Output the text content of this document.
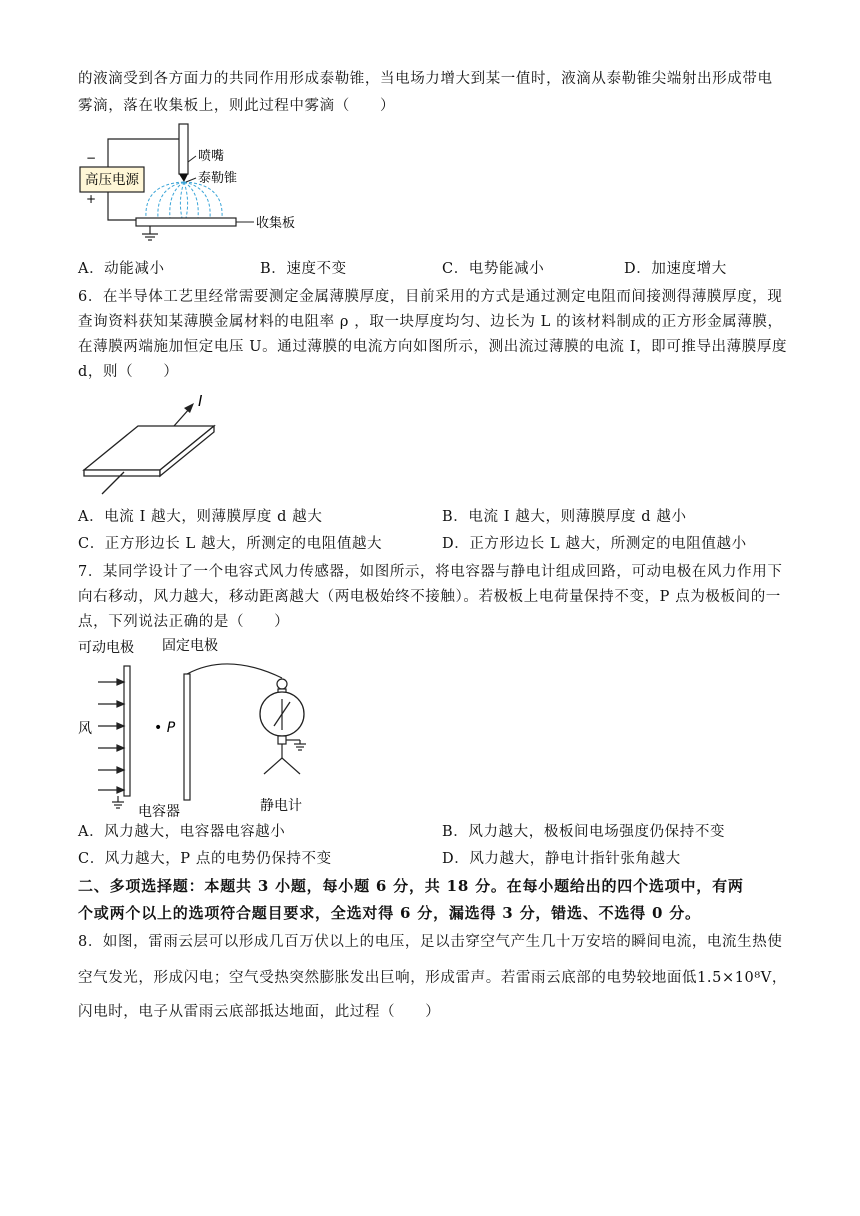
的液滴受到各方面力的共同作用形成泰勒锥，当电场力增大到某一值时，液滴从泰勒锥尖端射出形成带电
雾滴，落在收集板上，则此过程中雾滴（　　）
高压电源
−
+
收集板
喷嘴
泰勒锥
A．动能减小	B．速度不变	C．电势能减小	D．加速度增大
6．在半导体工艺里经常需要测定金属薄膜厚度，目前采用的方式是通过测定电阻而间接测得薄膜厚度，现
查询资料获知某薄膜金属材料的电阻率 ρ ，取一块厚度均匀、边长为 L 的该材料制成的正方形金属薄膜，
在薄膜两端施加恒定电压 U。通过薄膜的电流方向如图所示，测出流过薄膜的电流 I，即可推导出薄膜厚度
d，则（　　）
I
A．电流 I 越大，则薄膜厚度 d 越大	B．电流 I 越大，则薄膜厚度 d 越小
C．正方形边长 L 越大，所测定的电阻值越大	D．正方形边长 L 越大，所测定的电阻值越小
7．某同学设计了一个电容式风力传感器，如图所示，将电容器与静电计组成回路，可动电极在风力作用下
向右移动，风力越大，移动距离越大（两电极始终不接触）。若极板上电荷量保持不变，P 点为极板间的一
点，下列说法正确的是（　　）
可动电极 固定电极
风	• P
电容器	静电计
A．风力越大，电容器电容越小	B．风力越大，极板间电场强度仍保持不变
C．风力越大，P 点的电势仍保持不变	D．风力越大，静电计指针张角越大
二、多项选择题：本题共 3 小题，每小题 6 分，共 18 分。在每小题给出的四个选项中，有两
个或两个以上的选项符合题目要求，全选对得 6 分，漏选得 3 分，错选、不选得 0 分。
8．如图，雷雨云层可以形成几百万伏以上的电压，足以击穿空气产生几十万安培的瞬间电流，电流生热使
空气发光，形成闪电；空气受热突然膨胀发出巨响，形成雷声。若雷雨云底部的电势较地面低1.5×10⁸V，
闪电时，电子从雷雨云底部抵达地面，此过程（　　）
